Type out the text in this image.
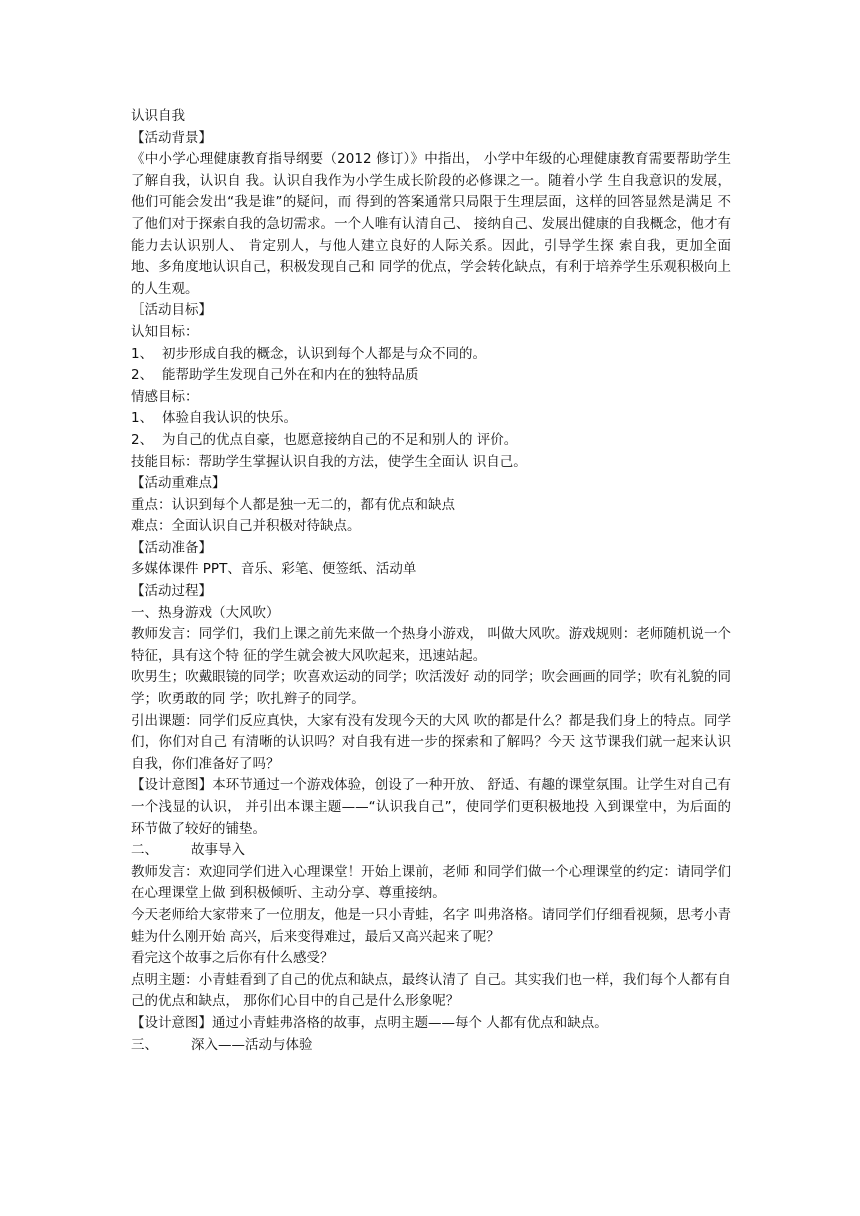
认识自我

【活动背景】

《中小学心理健康教育指导纲要（2012 修订）》中指出， 小学中年级的心理健康教育需要帮助学生了解自我，认识自 我。认识自我作为小学生成长阶段的必修课之一。随着小学 生自我意识的发展，他们可能会发出“我是谁”的疑问，而 得到的答案通常只局限于生理层面，这样的回答显然是满足 不了他们对于探索自我的急切需求。一个人唯有认清自己、 接纳自己、发展出健康的自我概念，他才有能力去认识别人、 肯定别人，与他人建立良好的人际关系。因此，引导学生探 索自我，更加全面地、多角度地认识自己，积极发现自己和 同学的优点，学会转化缺点，有利于培养学生乐观积极向上 的人生观。

［活动目标】

认知目标：

1、 初步形成自我的概念，认识到每个人都是与众不同的。

2、 能帮助学生发现自己外在和内在的独特品质

情感目标：

1、 体验自我认识的快乐。

2、 为自己的优点自豪，也愿意接纳自己的不足和别人的 评价。

技能目标：帮助学生掌握认识自我的方法，使学生全面认 识自己。

【活动重难点】

重点：认识到每个人都是独一无二的，都有优点和缺点

难点：全面认识自己并积极对待缺点。

【活动准备】

多媒体课件 PPT、音乐、彩笔、便签纸、活动单

【活动过程】

一、热身游戏（大风吹）

教师发言：同学们，我们上课之前先来做一个热身小游戏， 叫做大风吹。游戏规则：老师随机说一个特征，具有这个特 征的学生就会被大风吹起来，迅速站起。

吹男生；吹戴眼镜的同学；吹喜欢运动的同学；吹活泼好 动的同学；吹会画画的同学；吹有礼貌的同学；吹勇敢的同 学；吹扎辫子的同学。

引出课题：同学们反应真快，大家有没有发现今天的大风 吹的都是什么？都是我们身上的特点。同学们，你们对自己 有清晰的认识吗？对自我有进一步的探索和了解吗？今天 这节课我们就一起来认识自我，你们准备好了吗？

【设计意图】本环节通过一个游戏体验，创设了一种开放、 舒适、有趣的课堂氛围。让学生对自己有一个浅显的认识， 并引出本课主题——“认识我自己”，使同学们更积极地投 入到课堂中，为后面的环节做了较好的铺垫。

二、 故事导入

教师发言：欢迎同学们进入心理课堂！开始上课前，老师 和同学们做一个心理课堂的约定：请同学们在心理课堂上做 到积极倾听、主动分享、尊重接纳。

今天老师给大家带来了一位朋友，他是一只小青蛙，名字 叫弗洛格。请同学们仔细看视频，思考小青蛙为什么刚开始 高兴，后来变得难过，最后又高兴起来了呢？

看完这个故事之后你有什么感受？

点明主题：小青蛙看到了自己的优点和缺点，最终认清了 自己。其实我们也一样，我们每个人都有自己的优点和缺点， 那你们心目中的自己是什么形象呢？

【设计意图】通过小青蛙弗洛格的故事，点明主题——每个 人都有优点和缺点。

三、 深入——活动与体验
